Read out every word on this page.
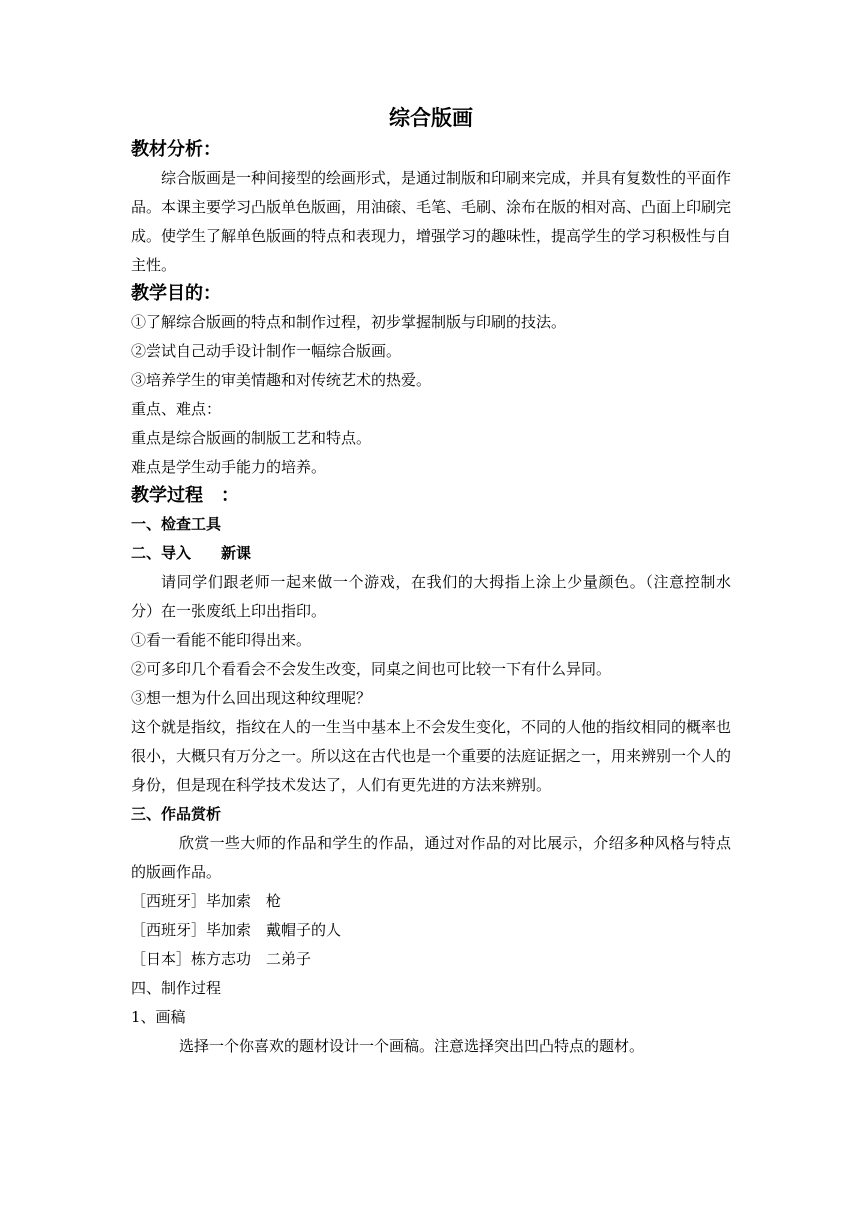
综合版画

教材分析：

综合版画是一种间接型的绘画形式，是通过制版和印刷来完成，并具有复数性的平面作品。本课主要学习凸版单色版画，用油磙、毛笔、毛刷、涂布在版的相对高、凸面上印刷完成。使学生了解单色版画的特点和表现力，增强学习的趣味性，提高学生的学习积极性与自主性。

教学目的：

①了解综合版画的特点和制作过程，初步掌握制版与印刷的技法。

②尝试自己动手设计制作一幅综合版画。

③培养学生的审美情趣和对传统艺术的热爱。

重点、难点：

重点是综合版画的制版工艺和特点。

难点是学生动手能力的培养。

教学过程　：

一、检查工具

二、导入　　新课

请同学们跟老师一起来做一个游戏，在我们的大拇指上涂上少量颜色。（注意控制水分）在一张废纸上印出指印。

①看一看能不能印得出来。

②可多印几个看看会不会发生改变，同桌之间也可比较一下有什么异同。

③想一想为什么回出现这种纹理呢？

这个就是指纹，指纹在人的一生当中基本上不会发生变化，不同的人他的指纹相同的概率也很小，大概只有万分之一。所以这在古代也是一个重要的法庭证据之一，用来辨别一个人的身份，但是现在科学技术发达了，人们有更先进的方法来辨别。

三、作品赏析

欣赏一些大师的作品和学生的作品，通过对作品的对比展示，介绍多种风格与特点的版画作品。

［西班牙］毕加索　枪

［西班牙］毕加索　戴帽子的人

［日本］栋方志功　二弟子

四、制作过程

1、画稿

选择一个你喜欢的题材设计一个画稿。注意选择突出凹凸特点的题材。
